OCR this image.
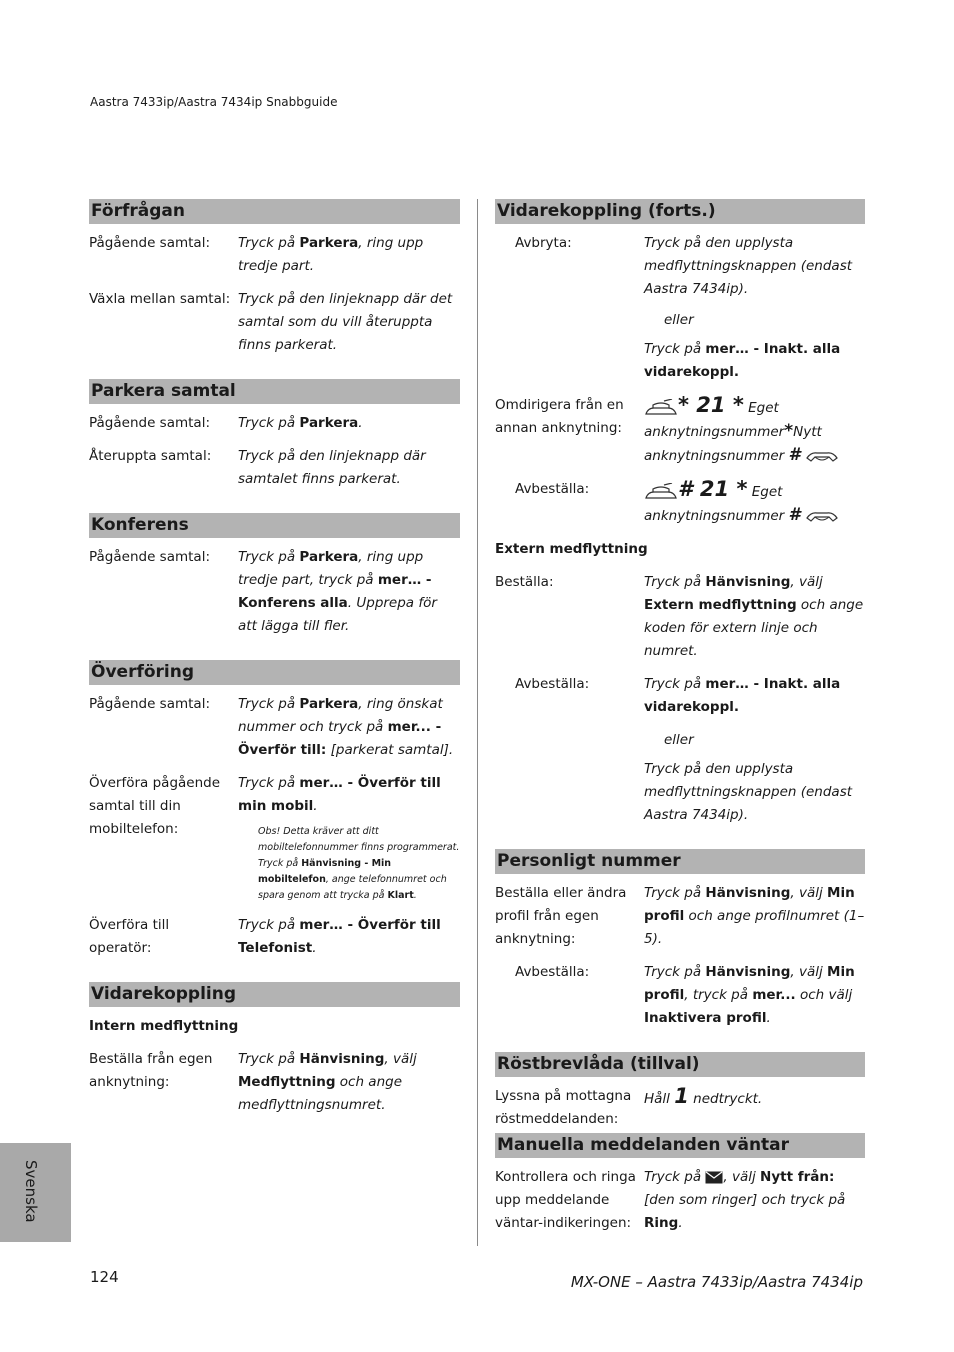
Aastra 7433ip/Aastra 7434ip Snabbguide
Förfrågan
Pågående samtal:	Tryck på Parkera, ring upp tredje part.
Växla mellan samtal: Tryck på den linjeknapp där det samtal som du vill återuppta finns parkerat.
Parkera samtal
Pågående samtal:	Tryck på Parkera.
Återuppta samtal:	Tryck på den linjeknapp där samtalet finns parkerat.
Konferens
Pågående samtal:	Tryck på Parkera, ring upp tredje part, tryck på mer… - Konferens alla. Upprepa för att lägga till fler.
Överföring
Pågående samtal:	Tryck på Parkera, ring önskat nummer och tryck på mer... - Överför till: [parkerat samtal].
Överföra pågående samtal till din mobiltelefon:
Tryck på mer… - Överför till min mobil.
Obs! Detta kräver att ditt mobiltelefonnummer finns programmerat. Tryck på Hänvisning - Min mobiltelefon, ange telefonnumret och spara genom att trycka på Klart.
Överföra till operatör:
Tryck på mer… - Överför till Telefonist.
Vidarekoppling
Intern medflyttning
Beställa från egen anknytning:
Tryck på Hänvisning, välj Medflyttning och ange medflyttningsnumret.
Vidarekoppling (forts.)
Avbryta:	Tryck på den upplysta medflyttningsknappen (endast Aastra 7434ip).
eller
Tryck på mer… - Inakt. alla vidarekoppl.
Omdirigera från en annan anknytning:
* 21 * Eget anknytningsnummer*Nytt anknytningsnummer #
Avbeställa:	# 21 * Eget anknytningsnummer #
Extern medflyttning
Beställa:	Tryck på Hänvisning, välj Extern medflyttning och ange koden för extern linje och numret.
Avbeställa:	Tryck på mer… - Inakt. alla vidarekoppl.
eller
Tryck på den upplysta medflyttningsknappen (endast Aastra 7434ip).
Personligt nummer
Beställa eller ändra profil från egen anknytning:
Tryck på Hänvisning, välj Min profil och ange profilnumret (1–5).
Avbeställa:	Tryck på Hänvisning, välj Min profil, tryck på mer... och välj Inaktivera profil.
Röstbrevlåda (tillval)
Lyssna på mottagna röstmeddelanden:
Håll 1 nedtryckt.
Manuella meddelanden väntar
Kontrollera och ringa upp meddelande väntar-indikeringen:
Tryck på , välj Nytt från: [den som ringer] och tryck på Ring.
Svenska
124	MX-ONE – Aastra 7433ip/Aastra 7434ip
